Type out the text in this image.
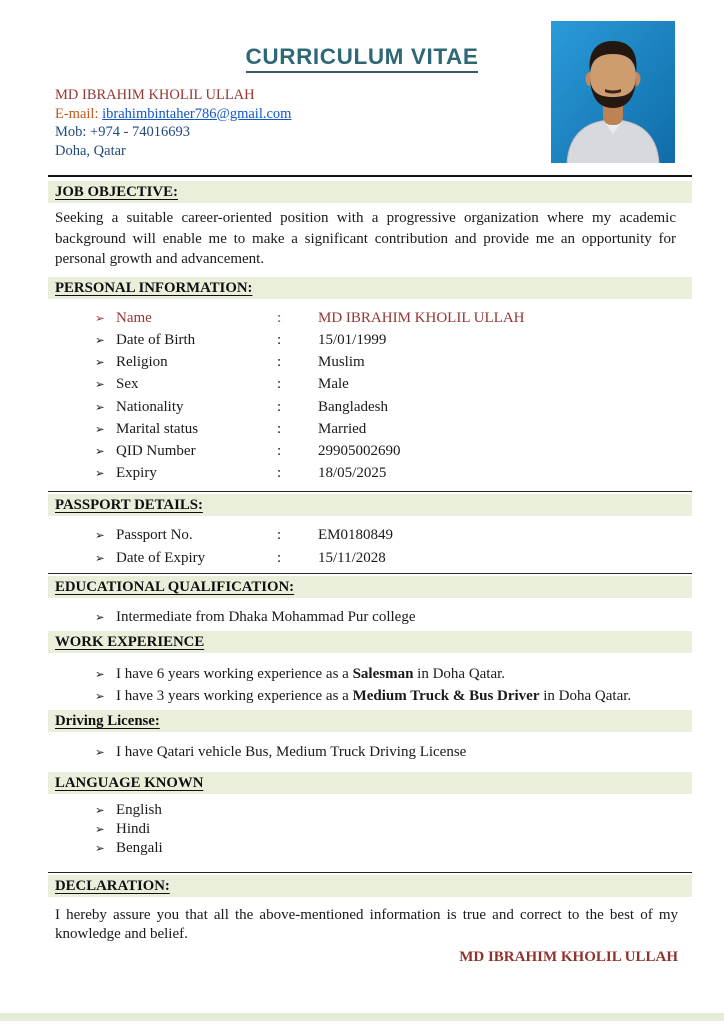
CURRICULUM VITAE
MD IBRAHIM KHOLIL ULLAH
E-mail: ibrahimbintaher786@gmail.com
Mob: +974 - 74016693
Doha, Qatar
JOB OBJECTIVE:
Seeking a suitable career-oriented position with a progressive organization where my academic background will enable me to make a significant contribution and provide me an opportunity for personal growth and advancement.
PERSONAL INFORMATION:
➢ Name	:	MD IBRAHIM KHOLIL ULLAH
➢ Date of Birth	:	15/01/1999
➢ Religion	:	Muslim
➢ Sex	:	Male
➢ Nationality	:	Bangladesh
➢ Marital status	:	Married
➢ QID Number	:	29905002690
➢ Expiry	:	18/05/2025
PASSPORT DETAILS:
➢ Passport No.	:	EM0180849
➢ Date of Expiry	:	15/11/2028
EDUCATIONAL QUALIFICATION:
➢ Intermediate from Dhaka Mohammad Pur college
WORK EXPERIENCE
➢ I have 6 years working experience as a Salesman in Doha Qatar.
➢ I have 3 years working experience as a Medium Truck & Bus Driver in Doha Qatar.
Driving License:
➢ I have Qatari vehicle Bus, Medium Truck Driving License
LANGUAGE KNOWN
➢ English
➢ Hindi
➢ Bengali
DECLARATION:
I hereby assure you that all the above-mentioned information is true and correct to the best of my knowledge and belief.
MD IBRAHIM KHOLIL ULLAH
